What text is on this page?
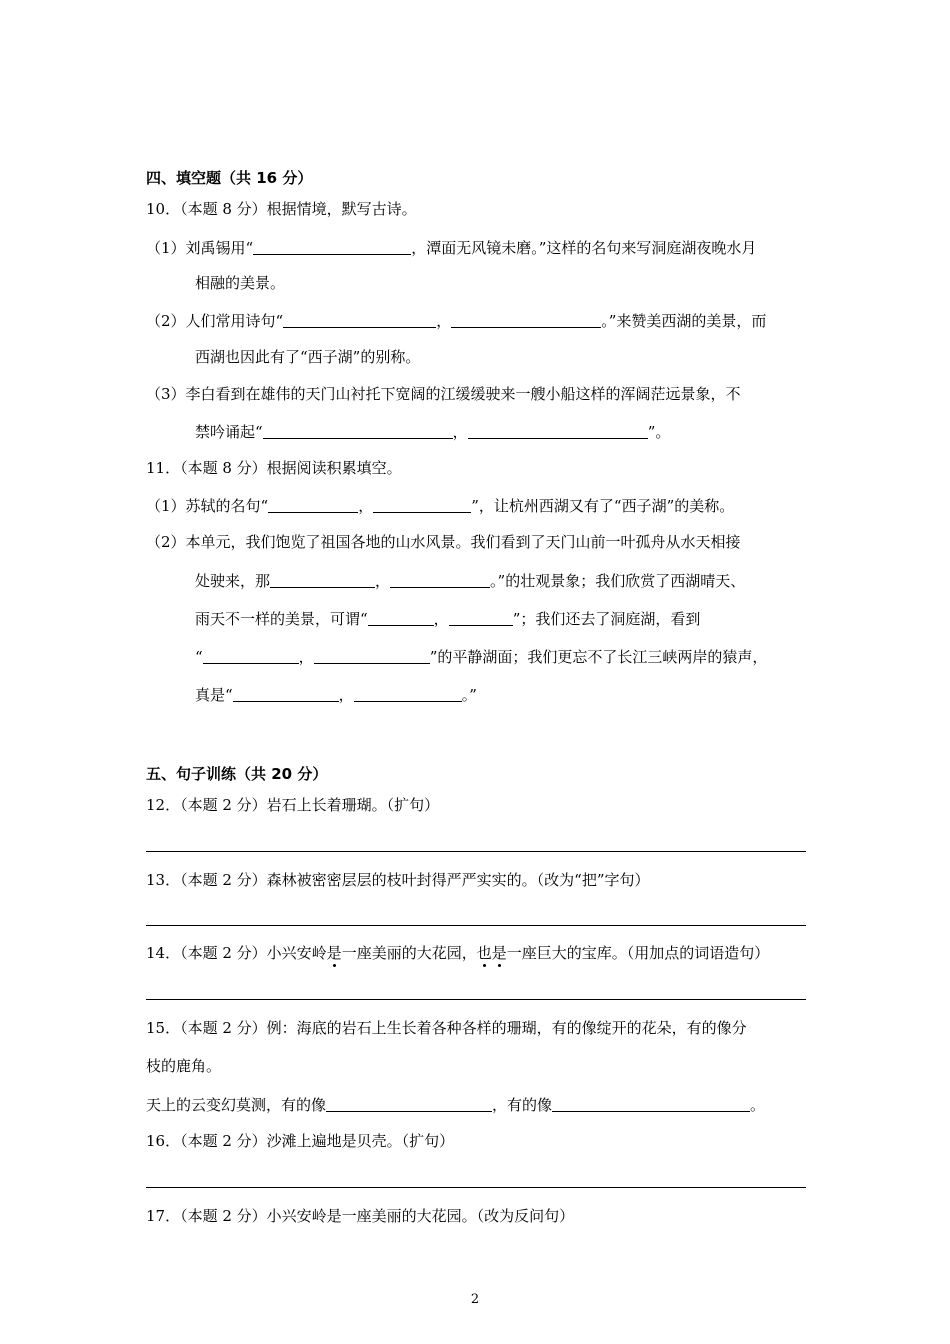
四、填空题（共 16 分）
10．（本题 8 分）根据情境，默写古诗。
（1）刘禹锡用“	，潭面无风镜未磨。”这样的名句来写洞庭湖夜晚水月
相融的美景。
（2）人们常用诗句“	，	。”来赞美西湖的美景，而
西湖也因此有了“西子湖”的别称。
（3）李白看到在雄伟的天门山衬托下宽阔的江缓缓驶来一艘小船这样的浑阔茫远景象，不
禁吟诵起“	，	”。
11．（本题 8 分）根据阅读积累填空。
（1）苏轼的名句“	，	”，让杭州西湖又有了“西子湖”的美称。
（2）本单元，我们饱览了祖国各地的山水风景。我们看到了天门山前一叶孤舟从水天相接
处驶来，那	，	。”的壮观景象；我们欣赏了西湖晴天、
雨天不一样的美景，可谓“	，	”；我们还去了洞庭湖，看到
“	，	”的平静湖面；我们更忘不了长江三峡两岸的猿声，
真是“	，	。”
五、句子训练（共 20 分）
12．（本题 2 分）岩石上长着珊瑚。（扩句）
13．（本题 2 分）森林被密密层层的枝叶封得严严实实的。（改为“把”字句）
14．（本题 2 分）小兴安岭是一座美丽的大花园，也是一座巨大的宝库。（用加点的词语造句）
15．（本题 2 分）例：海底的岩石上生长着各种各样的珊瑚，有的像绽开的花朵，有的像分
枝的鹿角。
天上的云变幻莫测，有的像	，有的像	。
16．（本题 2 分）沙滩上遍地是贝壳。（扩句）
17．（本题 2 分）小兴安岭是一座美丽的大花园。（改为反问句）
2
